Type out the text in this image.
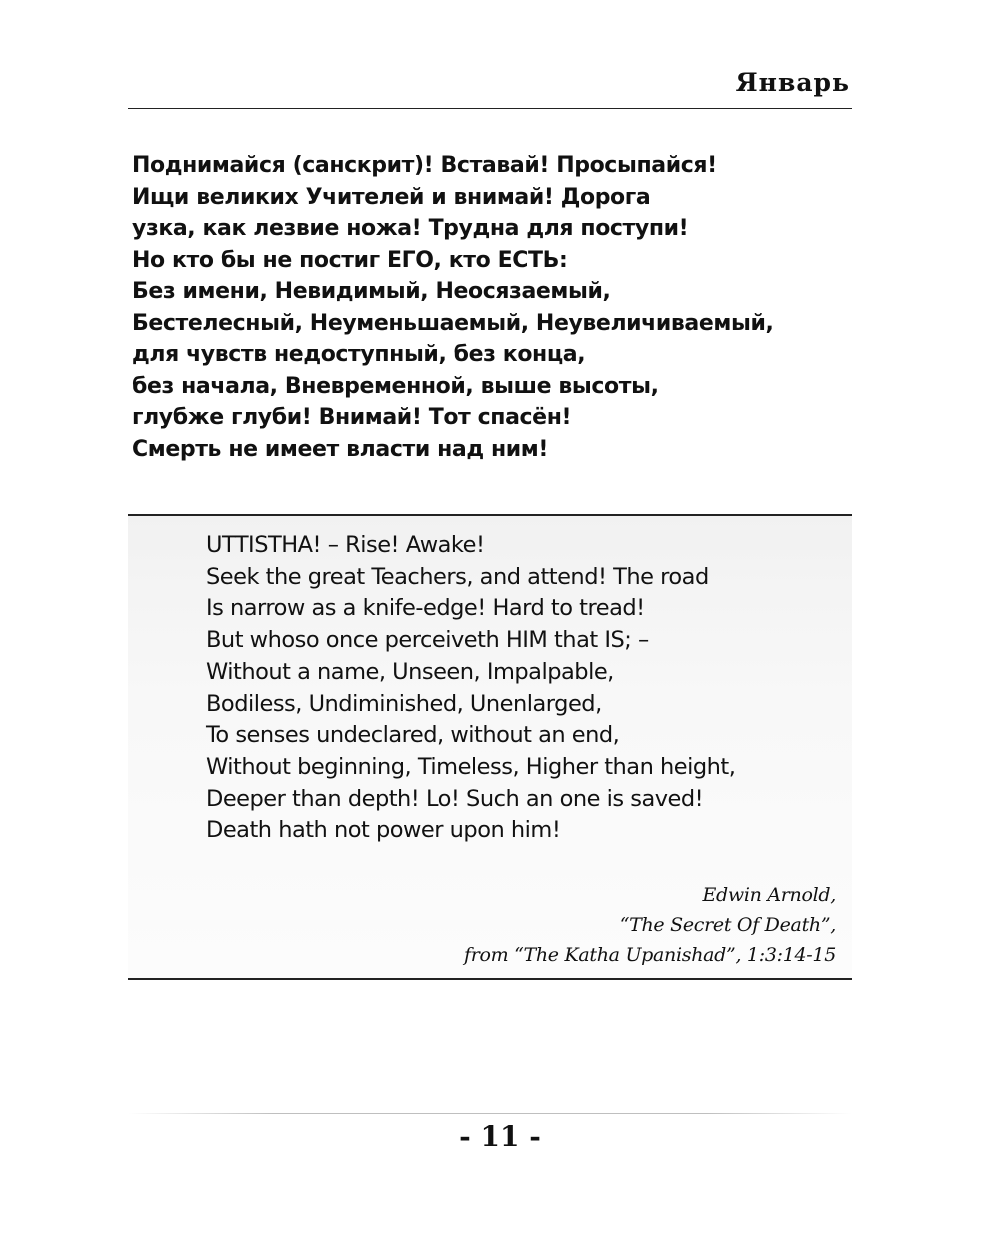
Январь
Поднимайся (санскрит)! Вставай! Просыпайся!
Ищи великих Учителей и внимай! Дорога
узка, как лезвие ножа! Трудна для поступи!
Но кто бы не постиг ЕГО, кто ЕСТЬ:
Без имени, Невидимый, Неосязаемый,
Бестелесный, Неуменьшаемый, Неувеличиваемый,
для чувств недоступный, без конца,
без начала, Вневременной, выше высоты,
глубже глуби! Внимай! Тот спасён!
Смерть не имеет власти над ним!
UTTISTHA! – Rise! Awake!
Seek the great Teachers, and attend! The road
Is narrow as a knife-edge! Hard to tread!
But whoso once perceiveth HIM that IS; –
Without a name, Unseen, Impalpable,
Bodiless, Undiminished, Unenlarged,
To senses undeclared, without an end,
Without beginning, Timeless, Higher than height,
Deeper than depth! Lo! Such an one is saved!
Death hath not power upon him!
Edwin Arnold,
“The Secret Of Death”,
from “The Katha Upanishad”, 1:3:14-15
- 11 -
